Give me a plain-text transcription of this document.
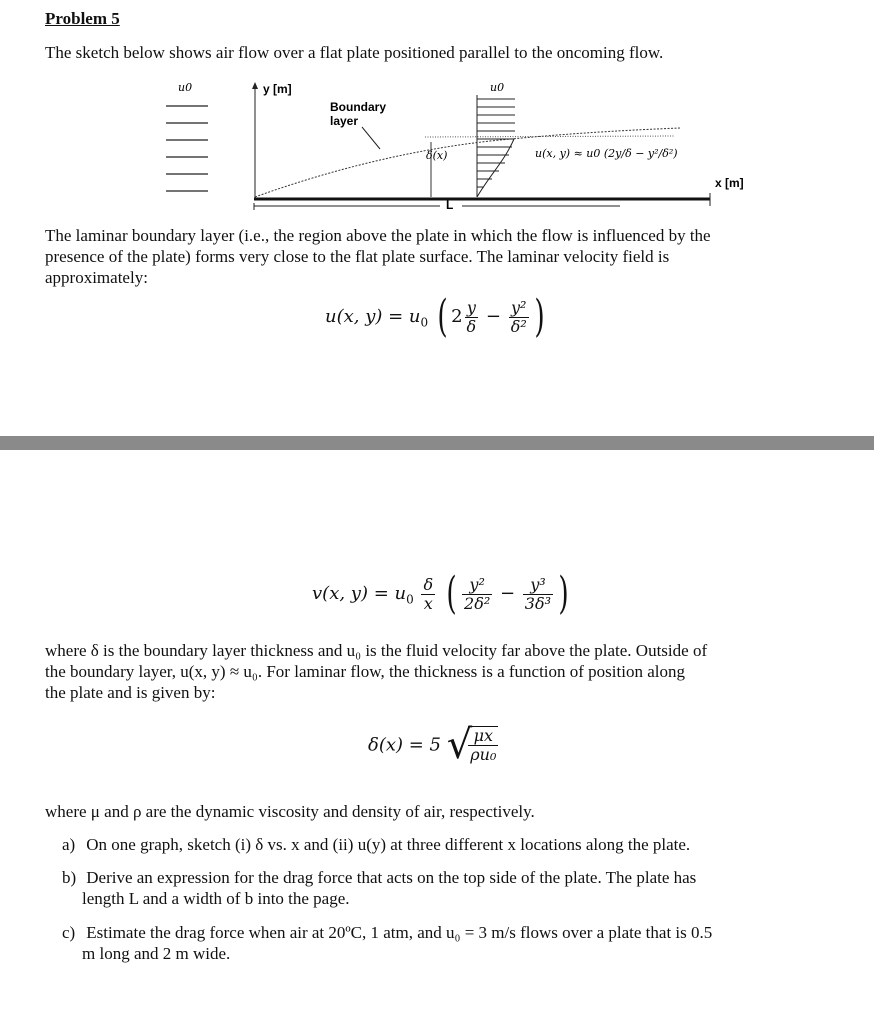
Problem 5
The sketch below shows air flow over a flat plate positioned parallel to the oncoming flow.
u0	y [m]
Boundary
layer
δ(x)
u0
u(x, y) ≈ u0 (2y/δ − y²/δ²)
x [m]
L
The laminar boundary layer (i.e., the region above the plate in which the flow is influenced by the
presence of the plate) forms very close to the flat plate surface. The laminar velocity field is
approximately:
u(x, $y) = u_0$ ( $2 \frac{y}{\delta} - \frac{\text{y²}}{\text{δ²}}$ )
v(x, $y) = u_0 \frac{\delta}{x}$ ( $\frac{\text{y²}}{\text{2δ²}} - \frac{\text{y³}}{\text{3δ³}}$ )
where δ is the boundary layer thickness and u₀ is the fluid velocity far above the plate. Outside of
the boundary layer, u(x, y) ≈ u₀. For laminar flow, the thickness is a function of position along
the plate and is given by:
δ(x) = 5 √
$\frac{\mu x}{\text{ρu₀}}$
where μ and ρ are the dynamic viscosity and density of air, respectively.
a) On one graph, sketch (i) δ vs. x and (ii) u(y) at three different x locations along the plate.
b) Derive an expression for the drag force that acts on the top side of the plate. The plate has
length L and a width of b into the page.
c) Estimate the drag force when air at 20ºC, 1 atm, and u₀ = 3 m/s flows over a plate that is 0.5
m long and 2 m wide.
